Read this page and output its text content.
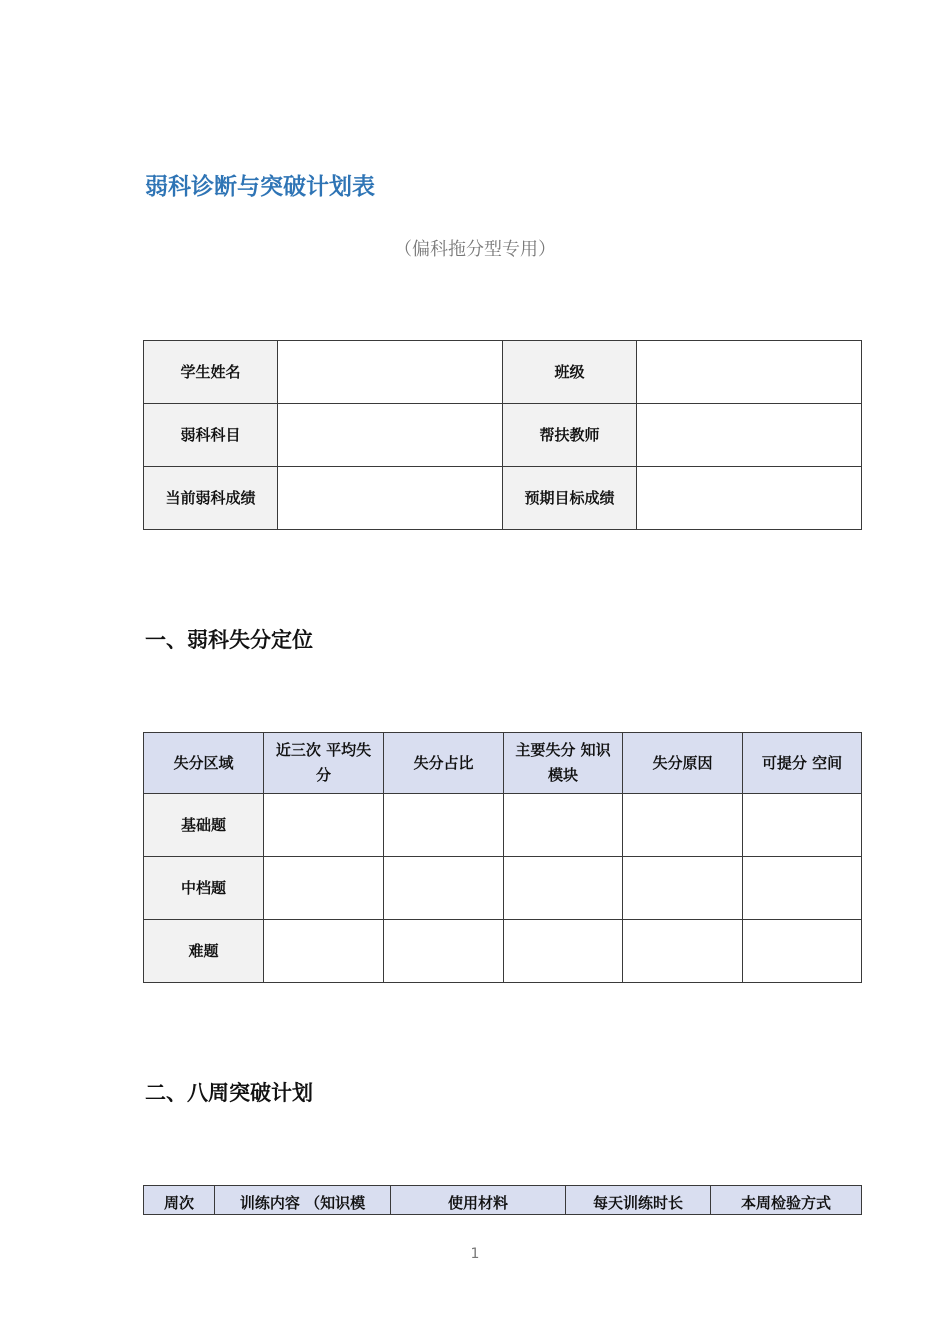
弱科诊断与突破计划表
（偏科拖分型专用）
学生姓名		班级	
弱科科目		帮扶教师	
当前弱科成绩		预期目标成绩	
一、弱科失分定位
失分区域	近三次 平均失分	失分占比	主要失分 知识模块	失分原因	可提分 空间
基础题					
中档题					
难题					
二、八周突破计划
周次	训练内容 （知识模	使用材料	每天训练时长	本周检验方式
1
